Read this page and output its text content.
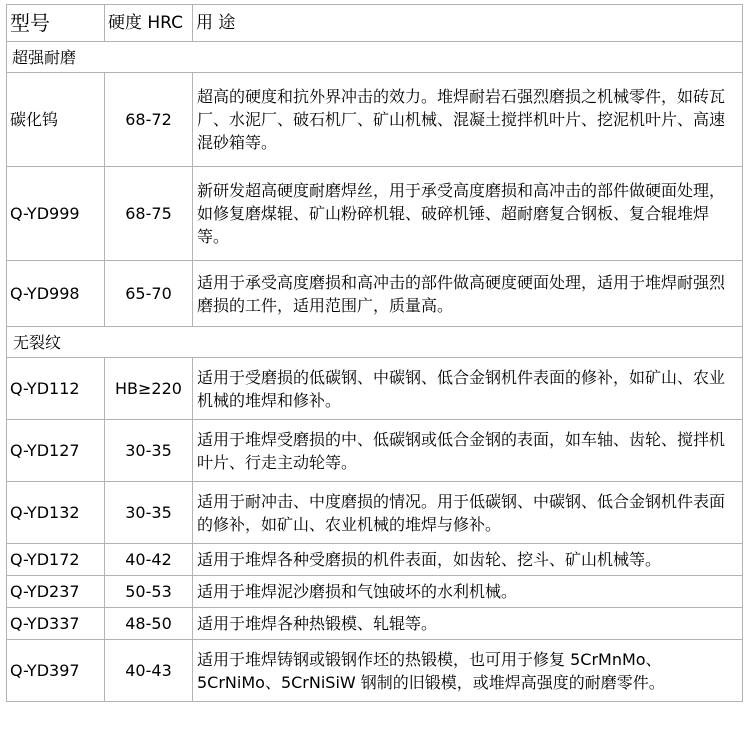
型号	硬度 HRC	用 途
超强耐磨		
碳化钨	68-72	超高的硬度和抗外界冲击的效力。堆焊耐岩石强烈磨损之机械零件，如砖瓦厂、水泥厂、破石机厂、矿山机械、混凝土搅拌机叶片、挖泥机叶片、高速混砂箱等。
Q-YD999	68-75	新研发超高硬度耐磨焊丝，用于承受高度磨损和高冲击的部件做硬面处理，如修复磨煤辊、矿山粉碎机辊、破碎机锤、超耐磨复合钢板、复合辊堆焊等。
Q-YD998	65-70	适用于承受高度磨损和高冲击的部件做高硬度硬面处理，适用于堆焊耐强烈磨损的工件，适用范围广，质量高。
无裂纹		
Q-YD112	HB≥220	适用于受磨损的低碳钢、中碳钢、低合金钢机件表面的修补，如矿山、农业机械的堆焊和修补。
Q-YD127	30-35	适用于堆焊受磨损的中、低碳钢或低合金钢的表面，如车轴、齿轮、搅拌机叶片、行走主动轮等。
Q-YD132	30-35	适用于耐冲击、中度磨损的情况。用于低碳钢、中碳钢、低合金钢机件表面的修补，如矿山、农业机械的堆焊与修补。
Q-YD172	40-42	适用于堆焊各种受磨损的机件表面，如齿轮、挖斗、矿山机械等。
Q-YD237	50-53	适用于堆焊泥沙磨损和气蚀破坏的水利机械。
Q-YD337	48-50	适用于堆焊各种热锻模、轧辊等。
Q-YD397	40-43	适用于堆焊铸钢或锻钢作坯的热锻模，也可用于修复 5CrMnMo、5CrNiMo、5CrNiSiW 钢制的旧锻模，或堆焊高强度的耐磨零件。
